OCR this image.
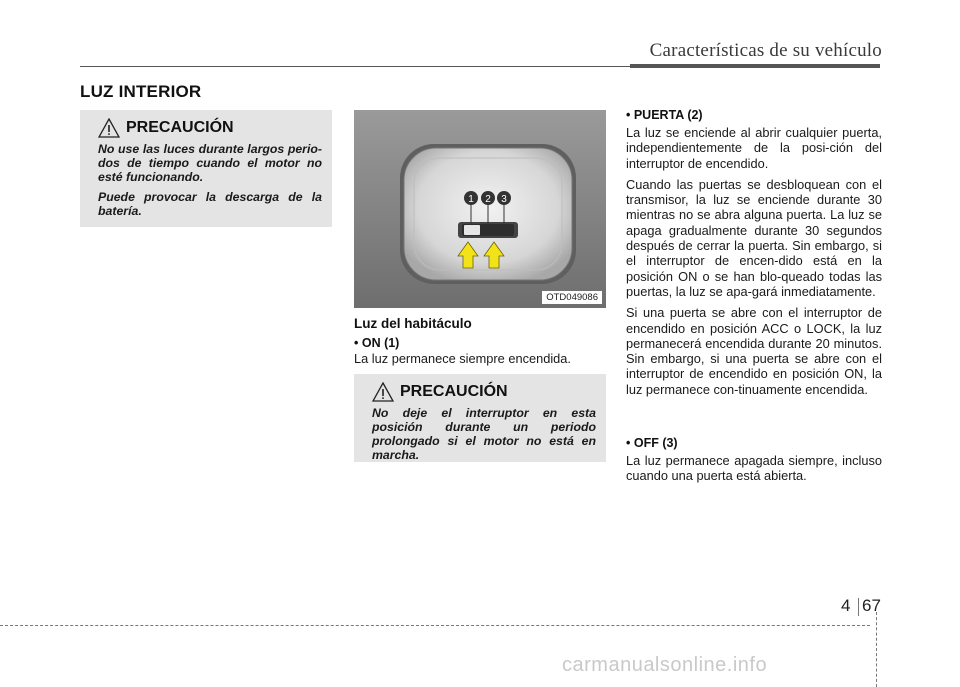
Características de su vehículo
LUZ INTERIOR
PRECAUCIÓN
No use las luces durante largos perio-dos de tiempo cuando el motor no esté funcionando.
Puede provocar la descarga de la batería.
1 2 3
OTD049086
Luz del habitáculo
• ON (1)
La luz permanece siempre encendida.
PRECAUCIÓN
No deje el interruptor en esta posición durante un periodo prolongado si el motor no está en marcha.
• PUERTA (2)

La luz se enciende al abrir cualquier puerta, independientemente de la posi-ción del interruptor de encendido.

Cuando las puertas se desbloquean con el transmisor, la luz se enciende durante 30 mientras no se abra alguna puerta. La luz se apaga gradualmente durante 30 segundos después de cerrar la puerta. Sin embargo, si el interruptor de encen-dido está en la posición ON o se han blo-queado todas las puertas, la luz se apa-gará inmediatamente.

Si una puerta se abre con el interruptor de encendido en posición ACC o LOCK, la luz permanecerá encendida durante 20 minutos. Sin embargo, si una puerta se abre con el interruptor de encendido en posición ON, la luz permanece con-tinuamente encendida.

• OFF (3)

La luz permanece apagada siempre, incluso cuando una puerta está abierta.

4 67
carmanualsonline.info
